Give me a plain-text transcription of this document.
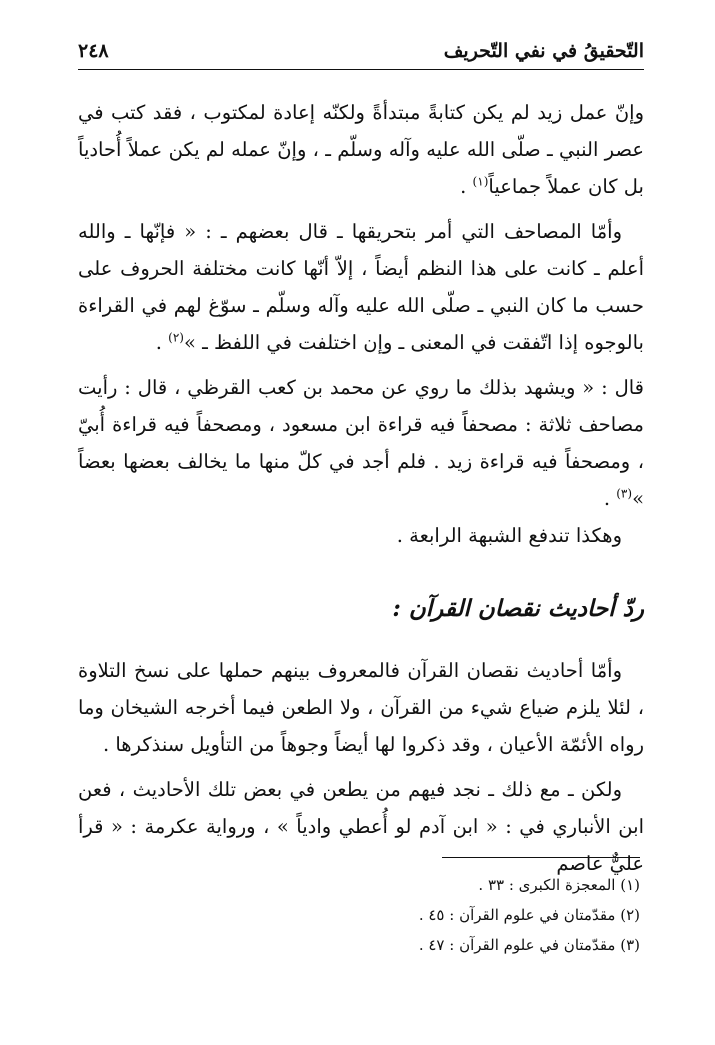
التّحقيقُ في نفي التّحريف
٢٤٨

وإنّ عمل زيد لم يكن كتابةً مبتدأةً ولكنّه إعادة لمكتوب ، فقد كتب في عصر النبي ـ صلّى الله عليه وآله وسلّم ـ ، وإنّ عمله لم يكن عملاً أُحادياً بل كان عملاً جماعياً$^{(١)}$ .

وأمّا المصاحف التي أمر بتحريقها ـ قال بعضهم ـ : « فإنّها ـ والله أعلم ـ كانت على هذا النظم أيضاً ، إلاّ أنّها كانت مختلفة الحروف على حسب ما كان النبي ـ صلّى الله عليه وآله وسلّم ـ سوّغ لهم في القراءة بالوجوه إذا اتّفقت في المعنى ـ وإن اختلفت في اللفظ ـ »$^{(٢)}$ .

قال : « ويشهد بذلك ما روي عن محمد بن كعب القرظي ، قال : رأيت مصاحف ثلاثة : مصحفاً فيه قراءة ابن مسعود ، ومصحفاً فيه قراءة أُبيّ ، ومصحفاً فيه قراءة زيد . فلم أجد في كلّ منها ما يخالف بعضها بعضاً »$^{(٣)}$ .

وهكذا تندفع الشبهة الرابعة .

ردّ أحاديث نقصان القرآن :

وأمّا أحاديث نقصان القرآن فالمعروف بينهم حملها على نسخ التلاوة ، لئلا يلزم ضياع شيء من القرآن ، ولا الطعن فيما أخرجه الشيخان وما رواه الأئمّة الأعيان ، وقد ذكروا لها أيضاً وجوهاً من التأويل سنذكرها .

ولكن ـ مع ذلك ـ نجد فيهم من يطعن في بعض تلك الأحاديث ، فعن ابن الأنباري في : « ابن آدم لو أُعطي وادياً » ، ورواية عكرمة : « قرأ عليٌّ عاصم

(١) المعجزة الكبرى : ٣٣ .

(٢) مقدّمتان في علوم القرآن : ٤٥ .

(٣) مقدّمتان في علوم القرآن : ٤٧ .
